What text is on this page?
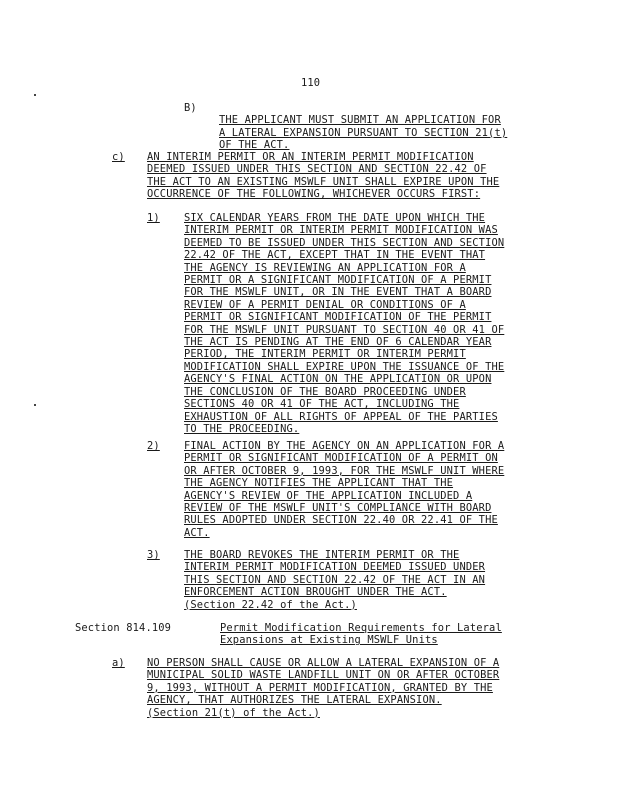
110
B)

THE APPLICANT MUST SUBMIT AN APPLICATION FOR
A LATERAL EXPANSION PURSUANT TO SECTION 21(t)
OF THE ACT.

c) AN INTERIM PERMIT OR AN INTERIM PERMIT MODIFICATION
DEEMED ISSUED UNDER THIS SECTION AND SECTION 22.42 OF
THE ACT TO AN EXISTING MSWLF UNIT SHALL EXPIRE UPON THE
OCCURRENCE OF THE FOLLOWING, WHICHEVER OCCURS FIRST:
1) SIX CALENDAR YEARS FROM THE DATE UPON WHICH THE
INTERIM PERMIT OR INTERIM PERMIT MODIFICATION WAS
DEEMED TO BE ISSUED UNDER THIS SECTION AND SECTION
22.42 OF THE ACT, EXCEPT THAT IN THE EVENT THAT
THE AGENCY IS REVIEWING AN APPLICATION FOR A
PERMIT OR A SIGNIFICANT MODIFICATION OF A PERMIT
FOR THE MSWLF UNIT, OR IN THE EVENT THAT A BOARD
REVIEW OF A PERMIT DENIAL OR CONDITIONS OF A
PERMIT OR SIGNIFICANT MODIFICATION OF THE PERMIT
FOR THE MSWLF UNIT PURSUANT TO SECTION 40 OR 41 OF
THE ACT IS PENDING AT THE END OF 6 CALENDAR YEAR
PERIOD, THE INTERIM PERMIT OR INTERIM PERMIT
MODIFICATION SHALL EXPIRE UPON THE ISSUANCE OF THE
AGENCY'S FINAL ACTION ON THE APPLICATION OR UPON
THE CONCLUSION OF THE BOARD PROCEEDING UNDER
SECTIONS 40 OR 41 OF THE ACT, INCLUDING THE
EXHAUSTION OF ALL RIGHTS OF APPEAL OF THE PARTIES
TO THE PROCEEDING.
2) FINAL ACTION BY THE AGENCY ON AN APPLICATION FOR A
PERMIT OR SIGNIFICANT MODIFICATION OF A PERMIT ON
OR AFTER OCTOBER 9, 1993, FOR THE MSWLF UNIT WHERE
THE AGENCY NOTIFIES THE APPLICANT THAT THE
AGENCY'S REVIEW OF THE APPLICATION INCLUDED A
REVIEW OF THE MSWLF UNIT'S COMPLIANCE WITH BOARD
RULES ADOPTED UNDER SECTION 22.40 OR 22.41 OF THE
ACT.
3) THE BOARD REVOKES THE INTERIM PERMIT OR THE
INTERIM PERMIT MODIFICATION DEEMED ISSUED UNDER
THIS SECTION AND SECTION 22.42 OF THE ACT IN AN
ENFORCEMENT ACTION BROUGHT UNDER THE ACT.
(Section 22.42 of the Act.)
Section 814.109	Permit Modification Requirements for Lateral
Expansions at Existing MSWLF Units
a) NO PERSON SHALL CAUSE OR ALLOW A LATERAL EXPANSION OF A
MUNICIPAL SOLID WASTE LANDFILL UNIT ON OR AFTER OCTOBER
9, 1993, WITHOUT A PERMIT MODIFICATION, GRANTED BY THE
AGENCY, THAT AUTHORIZES THE LATERAL EXPANSION.
(Section 21(t) of the Act.)
